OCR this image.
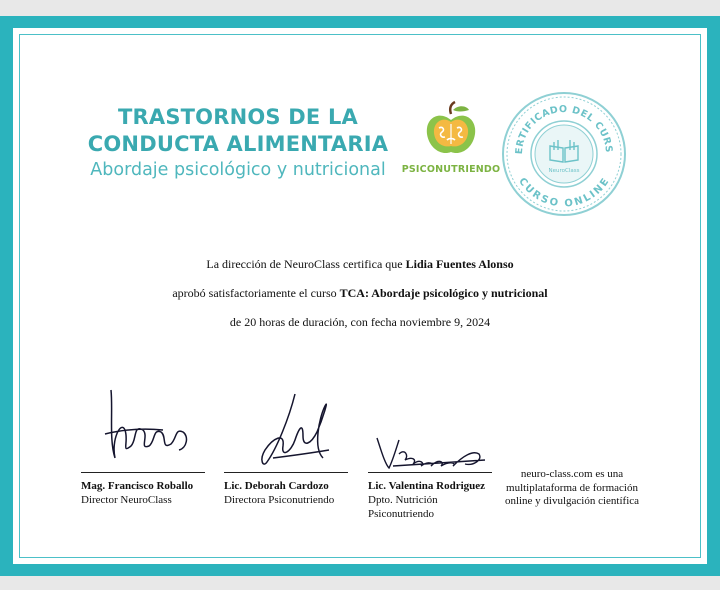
TRASTORNOS DE LA
CONDUCTA ALIMENTARIA
Abordaje psicológico y nutricional	PSICONUTRIENDO
ERTIFICADO DEL CURS
CURSO ONLINE
NeuroClass

La dirección de NeuroClass certifica que Lidia Fuentes Alonso

aprobó satisfactoriamente el curso TCA: Abordaje psicológico y nutricional

de 20 horas de duración, con fecha noviembre 9, 2024

Mag. Francisco Roballo
Director NeuroClass
Lic. Deborah Cardozo
Directora Psiconutriendo
Lic. Valentina Rodriguez
Dpto. Nutrición
Psiconutriendo
neuro-class.com es una
multiplataforma de formación
online y divulgación científica
